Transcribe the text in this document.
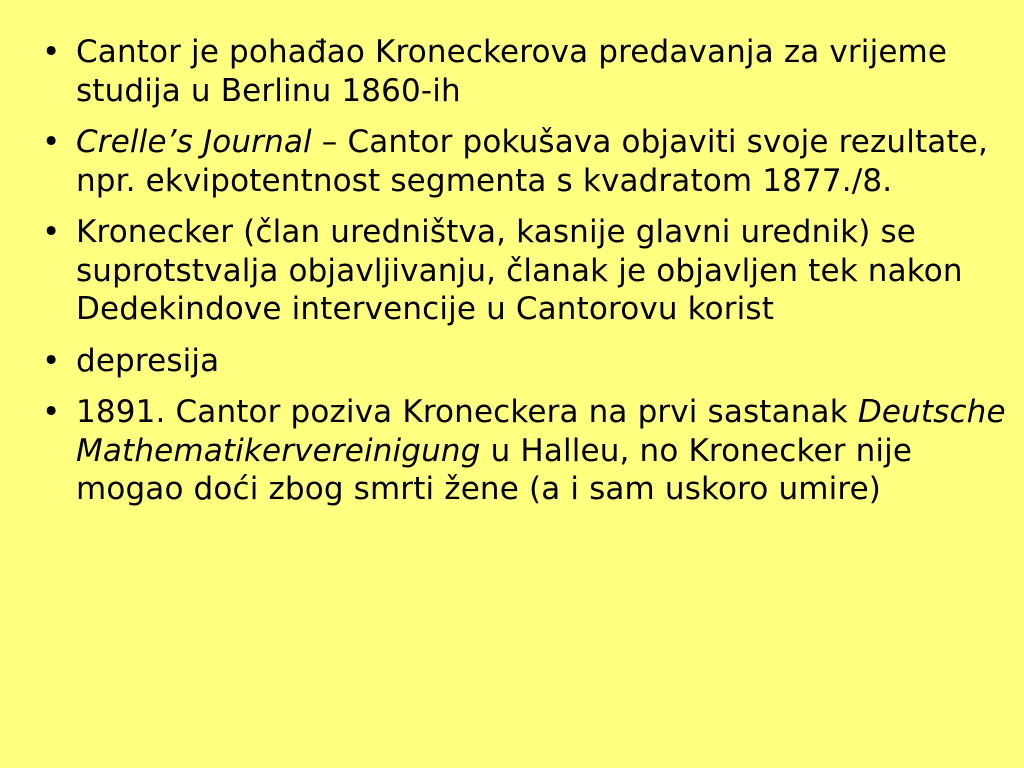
• Cantor je pohađao Kroneckerova predavanja za vrijeme studija u Berlinu 1860-ih
• Crelle’s Journal – Cantor pokušava objaviti svoje rezultate, npr. ekvipotentnost segmenta s kvadratom 1877./8.
• Kronecker (član uredništva, kasnije glavni urednik) se suprotstvalja objavljivanju, članak je objavljen tek nakon Dedekindove intervencije u Cantorovu korist
• depresija
• 1891. Cantor poziva Kroneckera na prvi sastanak Deutsche Mathematikervereinigung u Halleu, no Kronecker nije mogao doći zbog smrti žene (a i sam uskoro umire)
